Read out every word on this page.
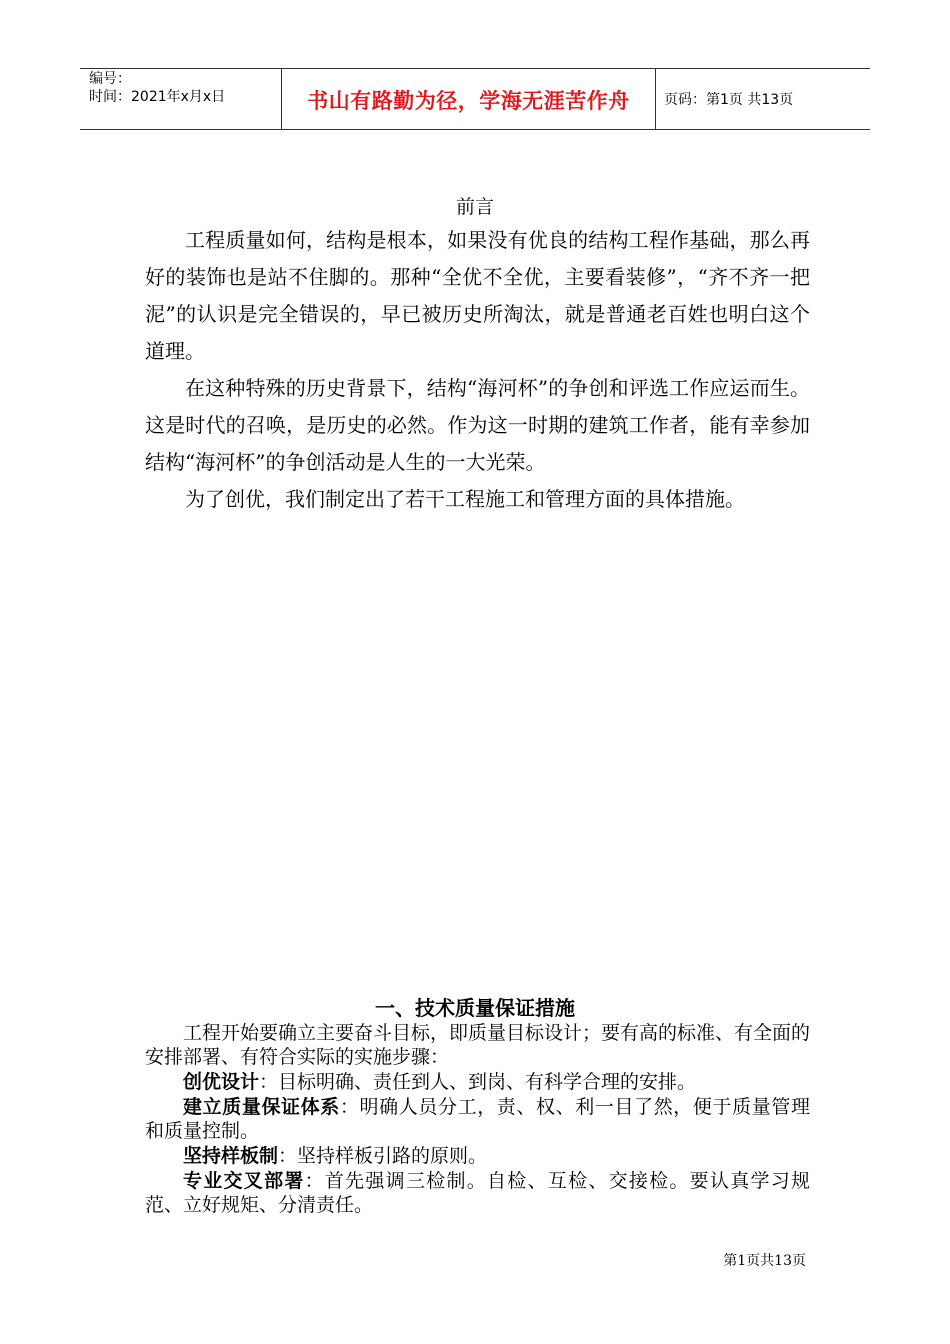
编号：
时间：2021年x月x日	书山有路勤为径，学海无涯苦作舟	页码：第1页 共13页
前言

工程质量如何，结构是根本，如果没有优良的结构工程作基础，那么再好的装饰也是站不住脚的。那种“全优不全优，主要看装修”，“齐不齐一把泥”的认识是完全错误的，早已被历史所淘汰，就是普通老百姓也明白这个道理。

在这种特殊的历史背景下，结构“海河杯”的争创和评选工作应运而生。这是时代的召唤，是历史的必然。作为这一时期的建筑工作者，能有幸参加结构“海河杯”的争创活动是人生的一大光荣。

为了创优，我们制定出了若干工程施工和管理方面的具体措施。

一、技术质量保证措施

工程开始要确立主要奋斗目标，即质量目标设计；要有高的标准、有全面的安排部署、有符合实际的实施步骤：

创优设计：目标明确、责任到人、到岗、有科学合理的安排。

建立质量保证体系：明确人员分工，责、权、利一目了然，便于质量管理和质量控制。

坚持样板制：坚持样板引路的原则。

专业交叉部署：首先强调三检制。自检、互检、交接检。要认真学习规范、立好规矩、分清责任。

第1页共13页
